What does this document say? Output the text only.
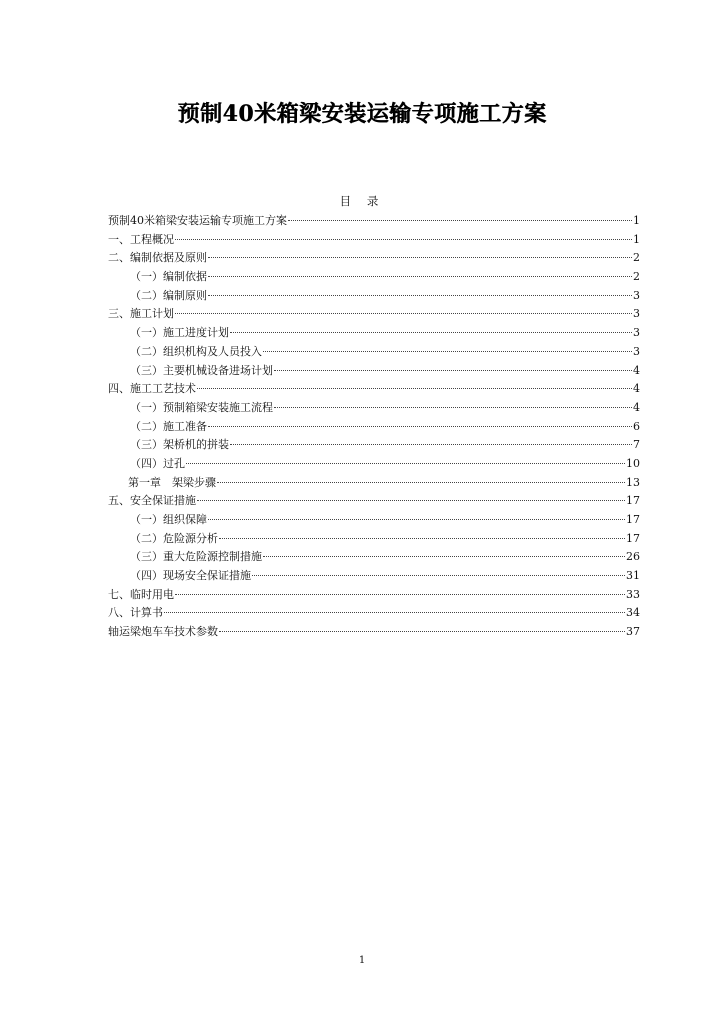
预制40米箱梁安装运输专项施工方案
目 录
预制40米箱梁安装运输专项施工方案	1
一、工程概况	1
二、编制依据及原则	2
（一）编制依据	2
（二）编制原则	3
三、施工计划	3
（一）施工进度计划	3
（二）组织机构及人员投入	3
（三）主要机械设备进场计划	4
四、施工工艺技术	4
（一）预制箱梁安装施工流程	4
（二）施工准备	6
（三）架桥机的拼装	7
（四）过孔	10
第一章　架梁步骤	13
五、安全保证措施	17
（一）组织保障	17
（二）危险源分析	17
（三）重大危险源控制措施	26
（四）现场安全保证措施	31
七、临时用电	33
八、计算书	34
轴运梁炮车车技术参数	37
1
